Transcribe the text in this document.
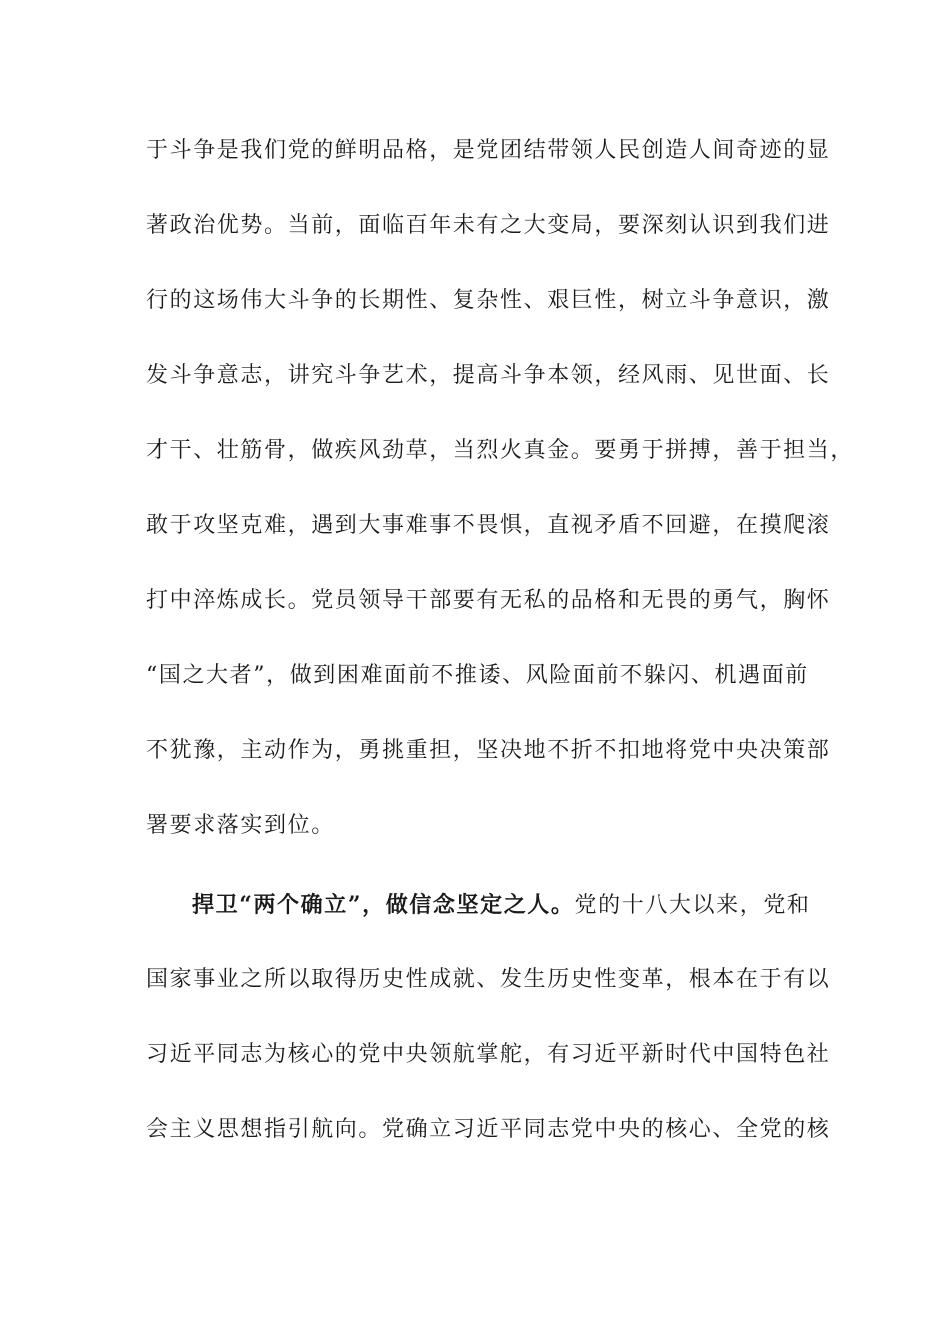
于斗争是我们党的鲜明品格，是党团结带领人民创造人间奇迹的显
著政治优势。当前，面临百年未有之大变局，要深刻认识到我们进
行的这场伟大斗争的长期性、复杂性、艰巨性，树立斗争意识，激
发斗争意志，讲究斗争艺术，提高斗争本领，经风雨、见世面、长
才干、壮筋骨，做疾风劲草，当烈火真金。要勇于拼搏，善于担当，
敢于攻坚克难，遇到大事难事不畏惧，直视矛盾不回避，在摸爬滚
打中淬炼成长。党员领导干部要有无私的品格和无畏的勇气，胸怀
“国之大者”，做到困难面前不推诿、风险面前不躲闪、机遇面前
不犹豫，主动作为，勇挑重担，坚决地不折不扣地将党中央决策部
署要求落实到位。
捍卫“两个确立”，做信念坚定之人。党的十八大以来，党和
国家事业之所以取得历史性成就、发生历史性变革，根本在于有以
习近平同志为核心的党中央领航掌舵，有习近平新时代中国特色社
会主义思想指引航向。党确立习近平同志党中央的核心、全党的核
